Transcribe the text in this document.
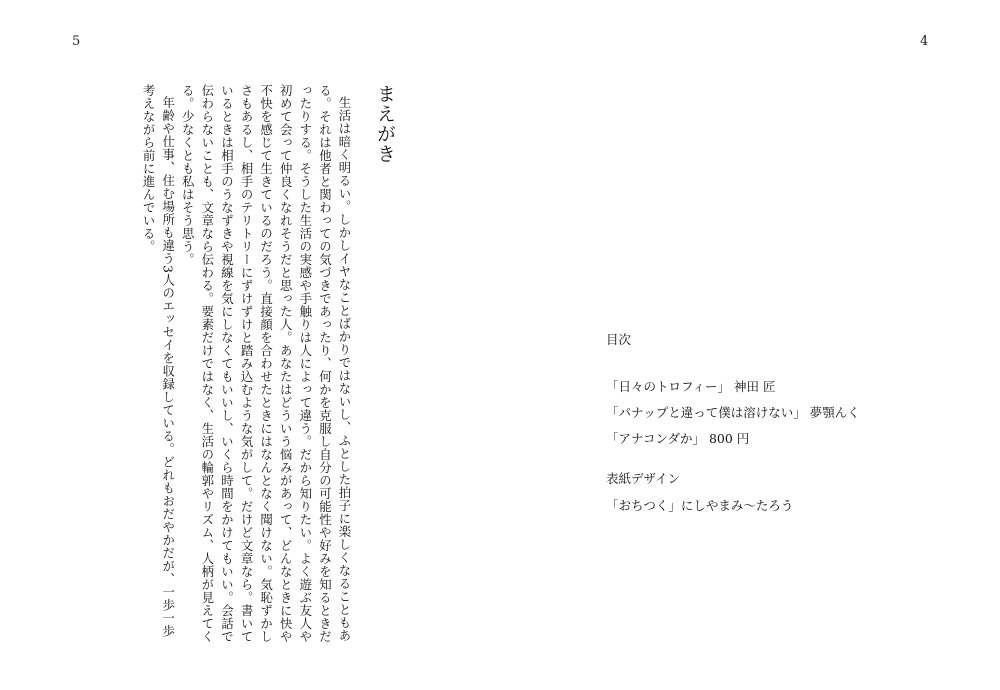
5	4
まえがき

生活は暗く明るい。しかしイヤなことばかりではないし、ふとした拍子に楽しくなることもある。それは他者と関わっての気づきであったり、何かを克服し自分の可能性や好みを知るときだったりする。そうした生活の実感や手触りは人によって違う。だから知りたい。よく遊ぶ友人や初めて会って仲良くなれそうだと思った人。あなたはどういう悩みがあって、どんなときに快や不快を感じて生きているのだろう。直接顔を合わせたときにはなんとなく聞けない。気恥ずかしさもあるし、相手のテリトリーにずけずけと踏み込むような気がして。だけど文章なら。書いているときは相手のうなずきや視線を気にしなくてもいいし、いくら時間をかけてもいい。会話で伝わらないことも、文章なら伝わる。要素だけではなく、生活の輪郭やリズム、人柄が見えてくる。少なくとも私はそう思う。

年齢や仕事、住む場所も違う3人のエッセイを収録している。どれもおだやかだが、一歩一歩考えながら前に進んでいる。

目次
「日々のトロフィー」 神田 匠
「パナップと違って僕は溶けない」 夢顎んく
「アナコンダか」 800 円
表紙デザイン
「おちつく」にしやまみ〜たろう
